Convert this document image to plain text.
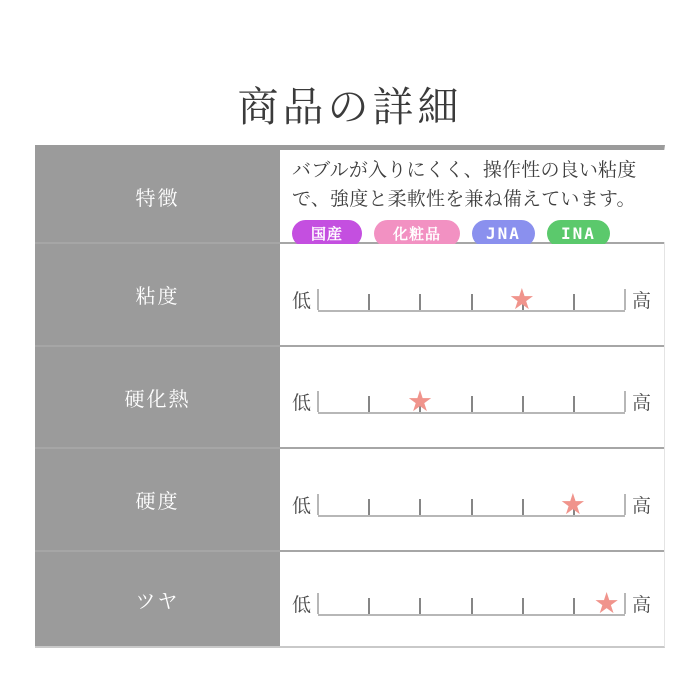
商品の詳細
特徴
バブルが入りにくく、操作性の良い粘度で、強度と柔軟性を兼ね備えています。
国産	化粧品	JNA	INA
粘度	低	★	高
硬化熱	低	★	高
硬度	低	★ 高
ツヤ	低	★ 高
